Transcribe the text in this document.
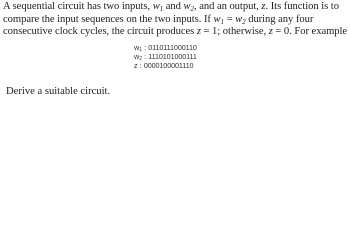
A sequential circuit has two inputs, $w_1$ and $w_2$, and an output, z. Its function is to

compare the input sequences on the two inputs. If $w_1 = w_2$ during any four

consecutive clock cycles, the circuit produces z = 1; otherwise, z = 0. For example

$w_1$ : 0110111000110
$w_2$ : 1110101000111
z : 0000100001110
Derive a suitable circuit.
